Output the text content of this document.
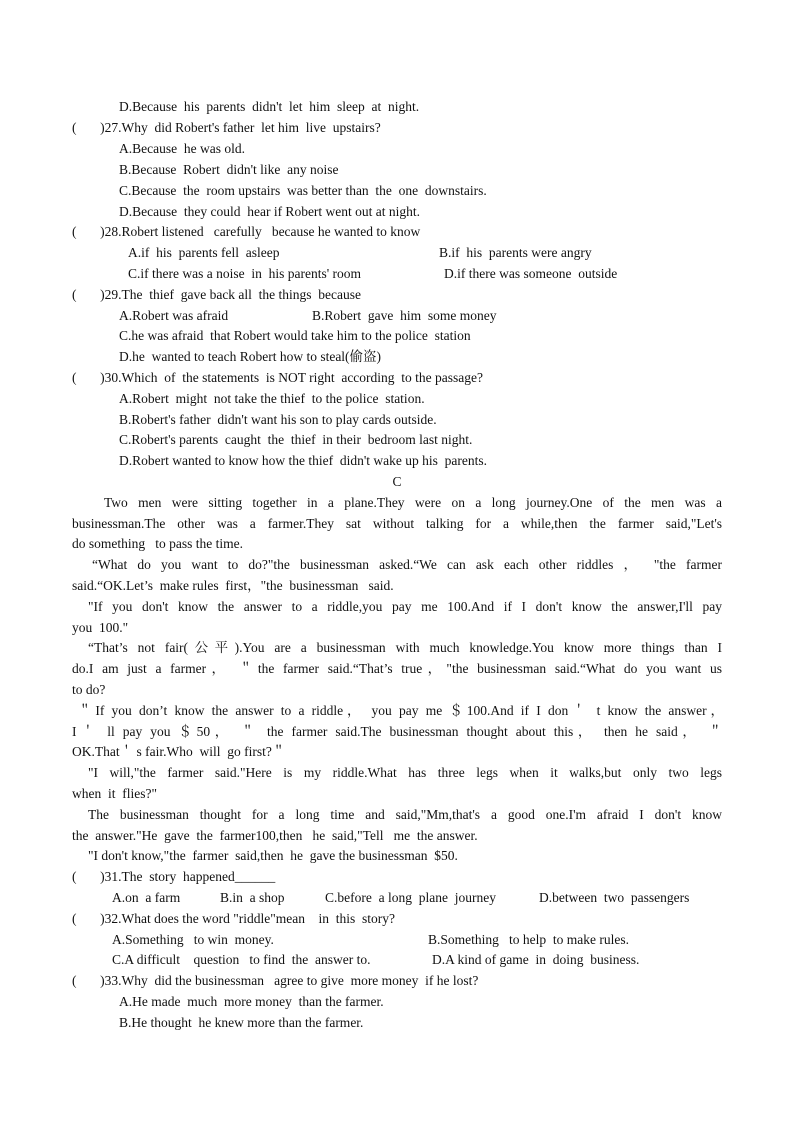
D.Because  his  parents  didn't  let  him  sleep  at  night.
(       )27.Why  did Robert's father  let him  live  upstairs?
A.Because  he was old.
B.Because  Robert  didn't like  any noise
C.Because  the  room upstairs  was better than  the  one  downstairs.
D.Because  they could  hear if Robert went out at night.
(       )28.Robert listened   carefully   because he wanted to know
A.if  his  parents fell  asleep	B.if  his  parents were angry
C.if there was a noise  in  his parents' room	D.if there was someone  outside
(       )29.The  thief  gave back all  the things  because
A.Robert was afraid	B.Robert  gave  him  some money
C.he was afraid  that Robert would take him to the police  station
D.he  wanted to teach Robert how to steal(偷盗)
(       )30.Which  of  the statements  is NOT right  according  to the passage?
A.Robert  might  not take the thief  to the police  station.
B.Robert's father  didn't want his son to play cards outside.
C.Robert's parents  caught  the  thief  in their  bedroom last night.
D.Robert wanted to know how the thief  didn't wake up his  parents.
C
Two men were sitting together in a plane.They were on a long journey.One of the men was a
businessman.The other was a farmer.They sat without talking for a while,then the farmer said,"Let's
do something   to pass the time.
“What do you want to do?"the businessman asked.“We can ask each other riddles ， "the farmer
said.“OK.Let’s  make rules  first，"the  businessman   said.
"If you don't know the answer to a riddle,you pay me 100.And if I don't know the answer,I'll pay
you  100."
“That’s not fair(公平).You are a businessman with much knowledge.You know more things than I
do.I am just a farmer， ＂the farmer said.“That’s true，"the businessman said.“What do you want us
to do?
＂If you don’t know the answer to a riddle， you pay me ＄100.And if I don＇ t know the answer，
I＇ ll pay you ＄50， ＂ the farmer said.The businessman thought about this， then he said， ＂
OK.That＇ s fair.Who  will  go first?＂
"I will,"the farmer said."Here is my riddle.What has three legs when it walks,but only two legs
when  it  flies?"
The businessman thought for a long time and said,"Mm,that's a good one.I'm afraid I don't know
the  answer."He  gave  the  farmer100,then   he  said,"Tell   me  the answer.
"I don't know,"the  farmer  said,then  he  gave the businessman  $50.
(       )31.The  story  happened______
A.on  a farm	B.in  a shop	C.before  a long  plane  journey	D.between  two  passengers
(       )32.What does the word "riddle"mean    in  this  story?
A.Something   to win  money.	B.Something   to help  to make rules.
C.A difficult    question   to find  the  answer to.	D.A kind of game  in  doing  business.
(       )33.Why  did the businessman   agree to give  more money  if he lost?
A.He made  much  more money  than the farmer.
B.He thought  he knew more than the farmer.
